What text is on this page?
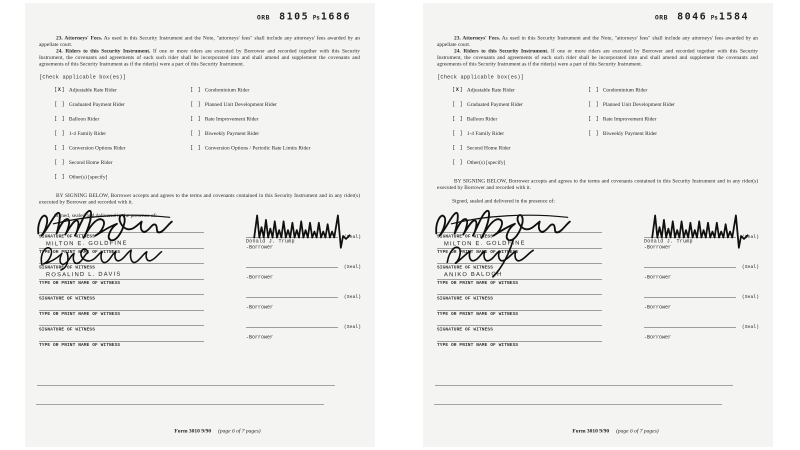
ORB 8105 Ps1686

23. Attorneys' Fees. As used in this Security Instrument and the Note, "attorneys' fees" shall include any attorneys' fees awarded by an appellate court.

24. Riders to this Security Instrument. If one or more riders are executed by Borrower and recorded together with this Security Instrument, the covenants and agreements of each such rider shall be incorporated into and shall amend and supplement the covenants and agreements of this Security Instrument as if the rider(s) were a part of this Security Instrument.

[Check applicable box(es)]
[X] Adjustable Rate Rider	[ ] Condominium Rider
[ ] Graduated Payment Rider	[ ] Planned Unit Development Rider
[ ] Balloon Rider	[ ] Rate Improvement Rider
[ ] 1-4 Family Rider	[ ] Biweekly Payment Rider
[ ] Conversion Options Rider	[ ] Conversion Options / Periodic Rate Limits Rider
[ ] Second Home Rider
[ ] Other(s) [specify]

BY SIGNING BELOW, Borrower accepts and agrees to the terms and covenants contained in this Security Instrument and in any rider(s) executed by Borrower and recorded with it.

Signed, sealed and delivered in the presence of:
SIGNATURE OF WITNESS
TYPE OR PRINT NAME OF WITNESS
MILTON E. GOLDFINE
SIGNATURE OF WITNESS
TYPE OR PRINT NAME OF WITNESS
ROSALIND L. DAVIS
SIGNATURE OF WITNESS
TYPE OR PRINT NAME OF WITNESS
SIGNATURE OF WITNESS
TYPE OR PRINT NAME OF WITNESS
(Seal)
Donald J. Trump
-Borrower
(Seal)
-Borrower
(Seal)
-Borrower
(Seal)
-Borrower
Form 3010 9/90 (page 6 of 7 pages)
ORB 8046 Ps1584

23. Attorneys' Fees. As used in this Security Instrument and the Note, "attorneys' fees" shall include any attorneys' fees awarded by an appellate court.

24. Riders to this Security Instrument. If one or more riders are executed by Borrower and recorded together with this Security Instrument, the covenants and agreements of each such rider shall be incorporated into and shall amend and supplement the covenants and agreements of this Security Instrument as if the rider(s) were a part of this Security Instrument.

[Check applicable box(es)]
[X] Adjustable Rate Rider	[ ] Condominium Rider
[ ] Graduated Payment Rider	[ ] Planned Unit Development Rider
[ ] Balloon Rider	[ ] Rate Improvement Rider
[ ] 1-4 Family Rider	[ ] Biweekly Payment Rider
[ ] Second Home Rider
[ ] Other(s) [specify]

BY SIGNING BELOW, Borrower accepts and agrees to the terms and covenants contained in this Security Instrument and in any rider(s) executed by Borrower and recorded with it.

Signed, sealed and delivered in the presence of:
SIGNATURE OF WITNESS
TYPE OR PRINT NAME OF WITNESS
MILTON E. GOLDFINE
SIGNATURE OF WITNESS
TYPE OR PRINT NAME OF WITNESS
ANIKO BALOGH
SIGNATURE OF WITNESS
TYPE OR PRINT NAME OF WITNESS
SIGNATURE OF WITNESS
TYPE OR PRINT NAME OF WITNESS
(Seal)
Donald J. Trump
-Borrower
(Seal)
-Borrower
(Seal)
-Borrower
(Seal)
-Borrower
Form 3010 9/90 (page 6 of 7 pages)
